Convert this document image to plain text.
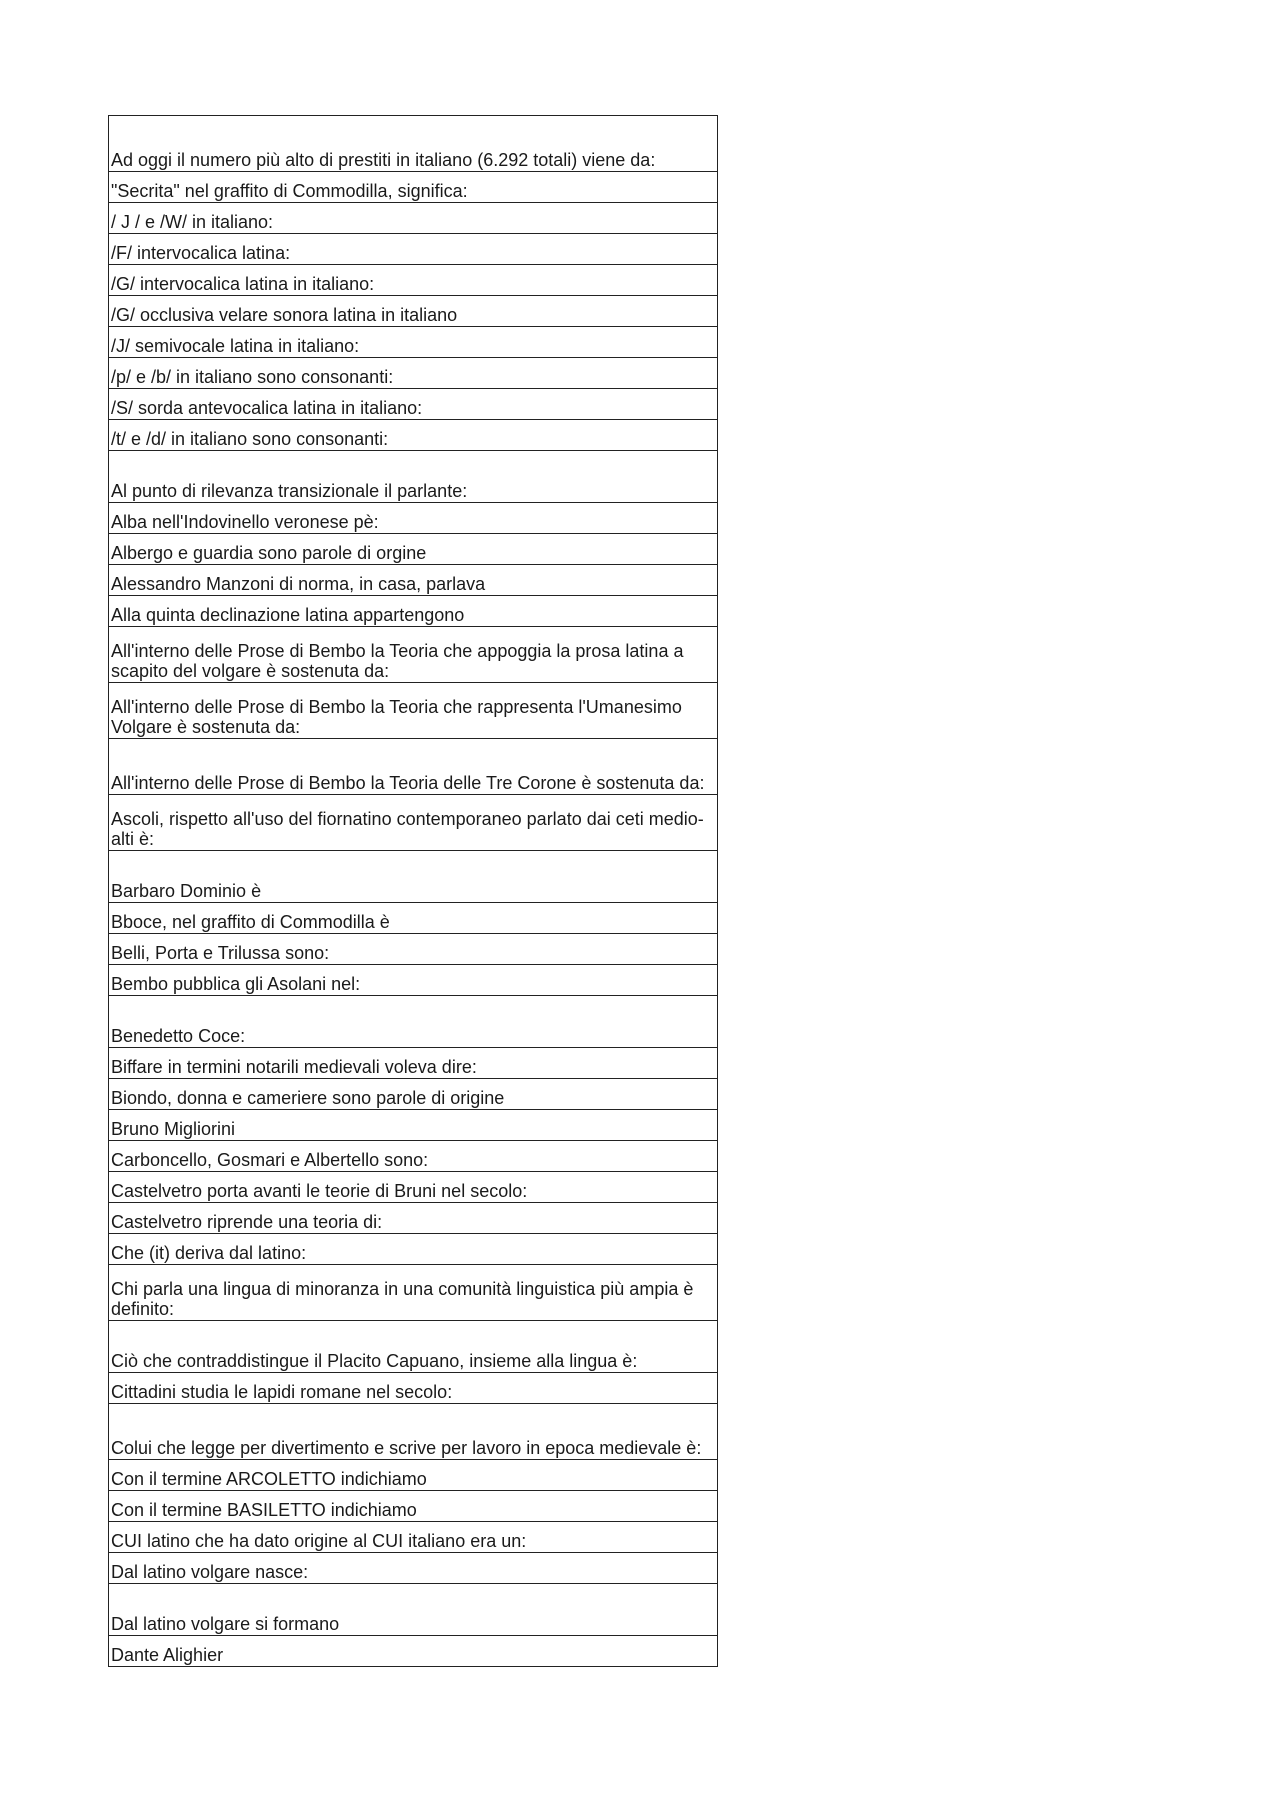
Ad oggi il numero più alto di prestiti in italiano (6.292 totali) viene da:
"Secrita" nel graffito di Commodilla, significa:
/ J / e /W/ in italiano:
/F/ intervocalica latina:
/G/ intervocalica latina in italiano:
/G/ occlusiva velare sonora latina in italiano
/J/ semivocale latina in italiano:
/p/ e /b/ in italiano sono consonanti:
/S/ sorda antevocalica latina in italiano:
/t/ e /d/ in italiano sono consonanti:
Al punto di rilevanza transizionale il parlante:
Alba nell'Indovinello veronese pè:
Albergo e guardia sono parole di orgine
Alessandro Manzoni di norma, in casa, parlava
Alla quinta declinazione latina appartengono
All'interno delle Prose di Bembo la Teoria che appoggia la prosa latina a scapito del volgare è sostenuta da:
All'interno delle Prose di Bembo la Teoria che rappresenta l'Umanesimo Volgare è sostenuta da:
All'interno delle Prose di Bembo la Teoria delle Tre Corone è sostenuta da:
Ascoli, rispetto all'uso del fiornatino contemporaneo parlato dai ceti medio-alti è:
Barbaro Dominio è
Bboce, nel graffito di Commodilla è
Belli, Porta e Trilussa sono:
Bembo pubblica gli Asolani nel:
Benedetto Coce:
Biffare in termini notarili medievali voleva dire:
Biondo, donna e cameriere sono parole di origine
Bruno Migliorini
Carboncello, Gosmari e Albertello sono:
Castelvetro porta avanti le teorie di Bruni nel secolo:
Castelvetro riprende una teoria di:
Che (it) deriva dal latino:
Chi parla una lingua di minoranza in una comunità linguistica più ampia è definito:
Ciò che contraddistingue il Placito Capuano, insieme alla lingua è:
Cittadini studia le lapidi romane nel secolo:
Colui che legge per divertimento e scrive per lavoro in epoca medievale è:
Con il termine ARCOLETTO indichiamo
Con il termine BASILETTO indichiamo
CUI latino che ha dato origine al CUI italiano era un:
Dal latino volgare nasce:
Dal latino volgare si formano
Dante Alighier
